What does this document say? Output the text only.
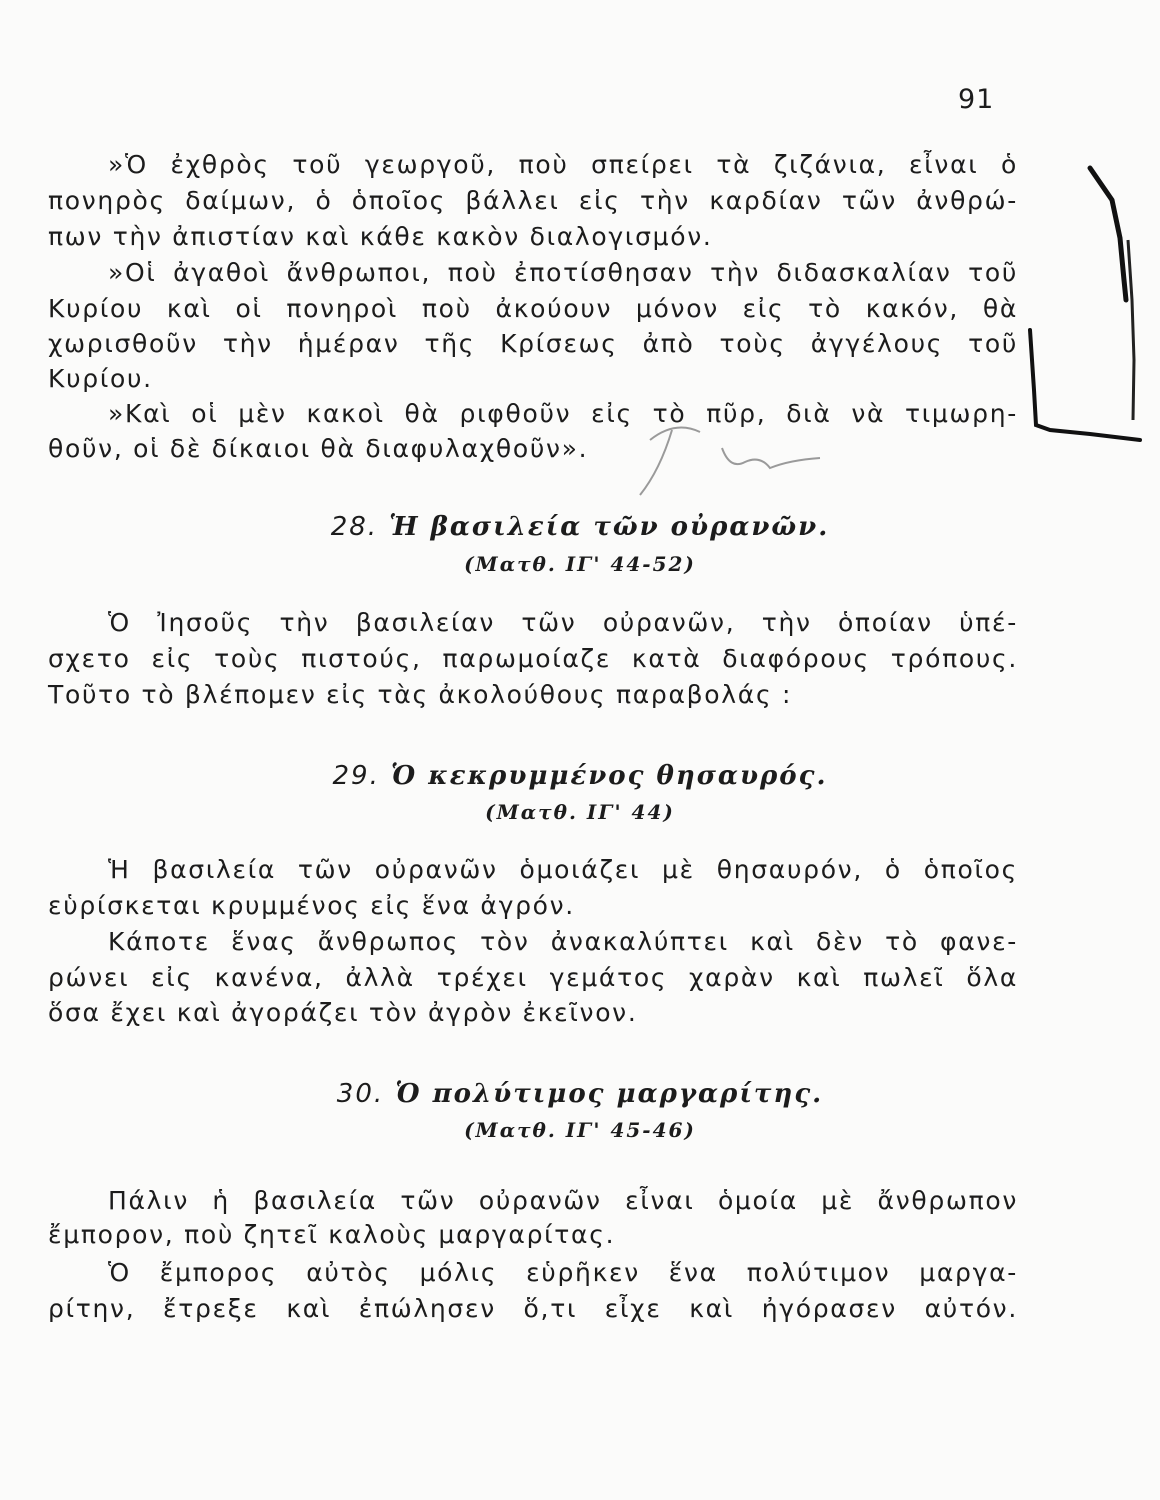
91
»Ὁ ἐχθρὸς τοῦ γεωργοῦ, ποὺ σπείρει τὰ ζιζάνια, εἶναι ὁ
πονηρὸς δαίμων, ὁ ὁποῖος βάλλει εἰς τὴν καρδίαν τῶν ἀνθρώ-
πων τὴν ἀπιστίαν καὶ κάθε κακὸν διαλογισμόν.
»Οἱ ἀγαθοὶ ἄνθρωποι, ποὺ ἐποτίσθησαν τὴν διδασκαλίαν τοῦ
Κυρίου καὶ οἱ πονηροὶ ποὺ ἀκούουν μόνον εἰς τὸ κακόν, θὰ
χωρισθοῦν τὴν ἡμέραν τῆς Κρίσεως ἀπὸ τοὺς ἀγγέλους τοῦ
Κυρίου.
»Καὶ οἱ μὲν κακοὶ θὰ ριφθοῦν εἰς τὸ πῦρ, διὰ νὰ τιμωρη-
θοῦν, οἱ δὲ δίκαιοι θὰ διαφυλαχθοῦν».
28. Ἡ βασιλεία τῶν οὐρανῶν.
(Ματθ. ΙΓ' 44-52)
Ὁ Ἰησοῦς τὴν βασιλείαν τῶν οὐρανῶν, τὴν ὁποίαν ὑπέ-
σχετο εἰς τοὺς πιστούς, παρωμοίαζε κατὰ διαφόρους τρόπους.
Τοῦτο τὸ βλέπομεν εἰς τὰς ἀκολούθους παραβολάς :
29. Ὁ κεκρυμμένος θησαυρός.
(Ματθ. ΙΓ' 44)
Ἡ βασιλεία τῶν οὐρανῶν ὁμοιάζει μὲ θησαυρόν, ὁ ὁποῖος
εὑρίσκεται κρυμμένος εἰς ἕνα ἀγρόν.
Κάποτε ἕνας ἄνθρωπος τὸν ἀνακαλύπτει καὶ δὲν τὸ φανε-
ρώνει εἰς κανένα, ἀλλὰ τρέχει γεμάτος χαρὰν καὶ πωλεῖ ὅλα
ὅσα ἔχει καὶ ἀγοράζει τὸν ἀγρὸν ἐκεῖνον.
30. Ὁ πολύτιμος μαργαρίτης.
(Ματθ. ΙΓ' 45-46)
Πάλιν ἡ βασιλεία τῶν οὐρανῶν εἶναι ὁμοία μὲ ἄνθρωπον
ἔμπορον, ποὺ ζητεῖ καλοὺς μαργαρίτας.
Ὁ ἔμπορος αὐτὸς μόλις εὑρῆκεν ἕνα πολύτιμον μαργα-
ρίτην, ἔτρεξε καὶ ἐπώλησεν ὅ,τι εἶχε καὶ ἠγόρασεν αὐτόν.
